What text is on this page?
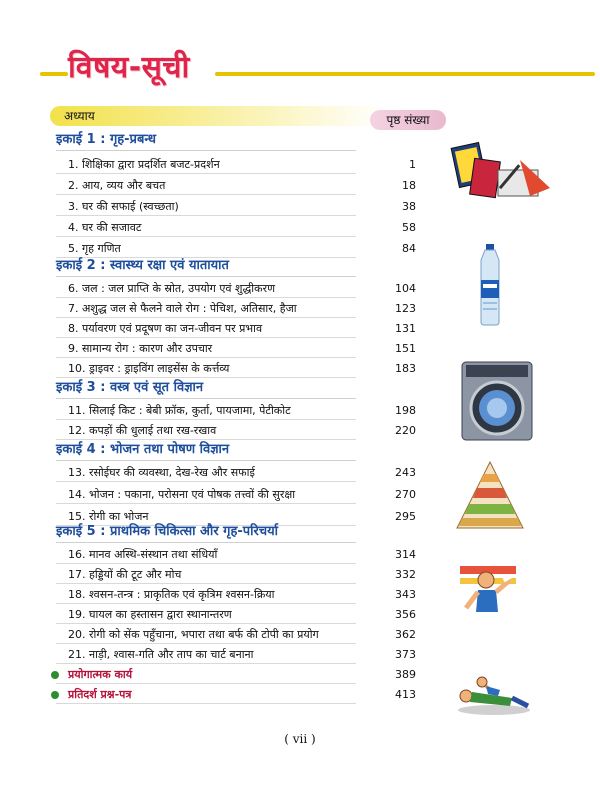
विषय-सूची
अध्याय	पृष्ठ संख्या
इकाई 1 : गृह-प्रबन्ध
1. शिक्षिका द्वारा प्रदर्शित बजट-प्रदर्शन	1
2. आय, व्यय और बचत	18
3. घर की सफाई (स्वच्छता)	38
4. घर की सजावट	58
5. गृह गणित	84
इकाई 2 : स्वास्थ्य रक्षा एवं यातायात
6. जल : जल प्राप्ति के स्रोत, उपयोग एवं शुद्धीकरण	104
7. अशुद्ध जल से फैलने वाले रोग : पेचिश, अतिसार, हैजा	123
8. पर्यावरण एवं प्रदूषण का जन-जीवन पर प्रभाव	131
9. सामान्य रोग : कारण और उपचार	151
10. ड्राइवर : ड्राइविंग लाइसेंस के कर्त्तव्य	183
इकाई 3 : वस्त्र एवं सूत विज्ञान
11. सिलाई किट : बेबी फ्रॉक, कुर्ता, पायजामा, पेटीकोट	198
12. कपड़ों की धुलाई तथा रख-रखाव	220
इकाई 4 : भोजन तथा पोषण विज्ञान
13. रसोईघर की व्यवस्था, देख-रेख और सफाई	243
14. भोजन : पकाना, परोसना एवं पोषक तत्त्वों की सुरक्षा	270
15. रोगी का भोजन	295
इकाई 5 : प्राथमिक चिकित्सा और गृह-परिचर्या
16. मानव अस्थि-संस्थान तथा संधियाँ	314
17. हड्डियों की टूट और मोच	332
18. श्वसन-तन्त्र : प्राकृतिक एवं कृत्रिम श्वसन-क्रिया	343
19. घायल का हस्तासन द्वारा स्थानान्तरण	356
20. रोगी को सेंक पहुँचाना, भपारा तथा बर्फ की टोपी का प्रयोग	362
21. नाड़ी, श्वास-गति और ताप का चार्ट बनाना	373
प्रयोगात्मक कार्य	389
प्रतिदर्श प्रश्न-पत्र	413
( vii )
